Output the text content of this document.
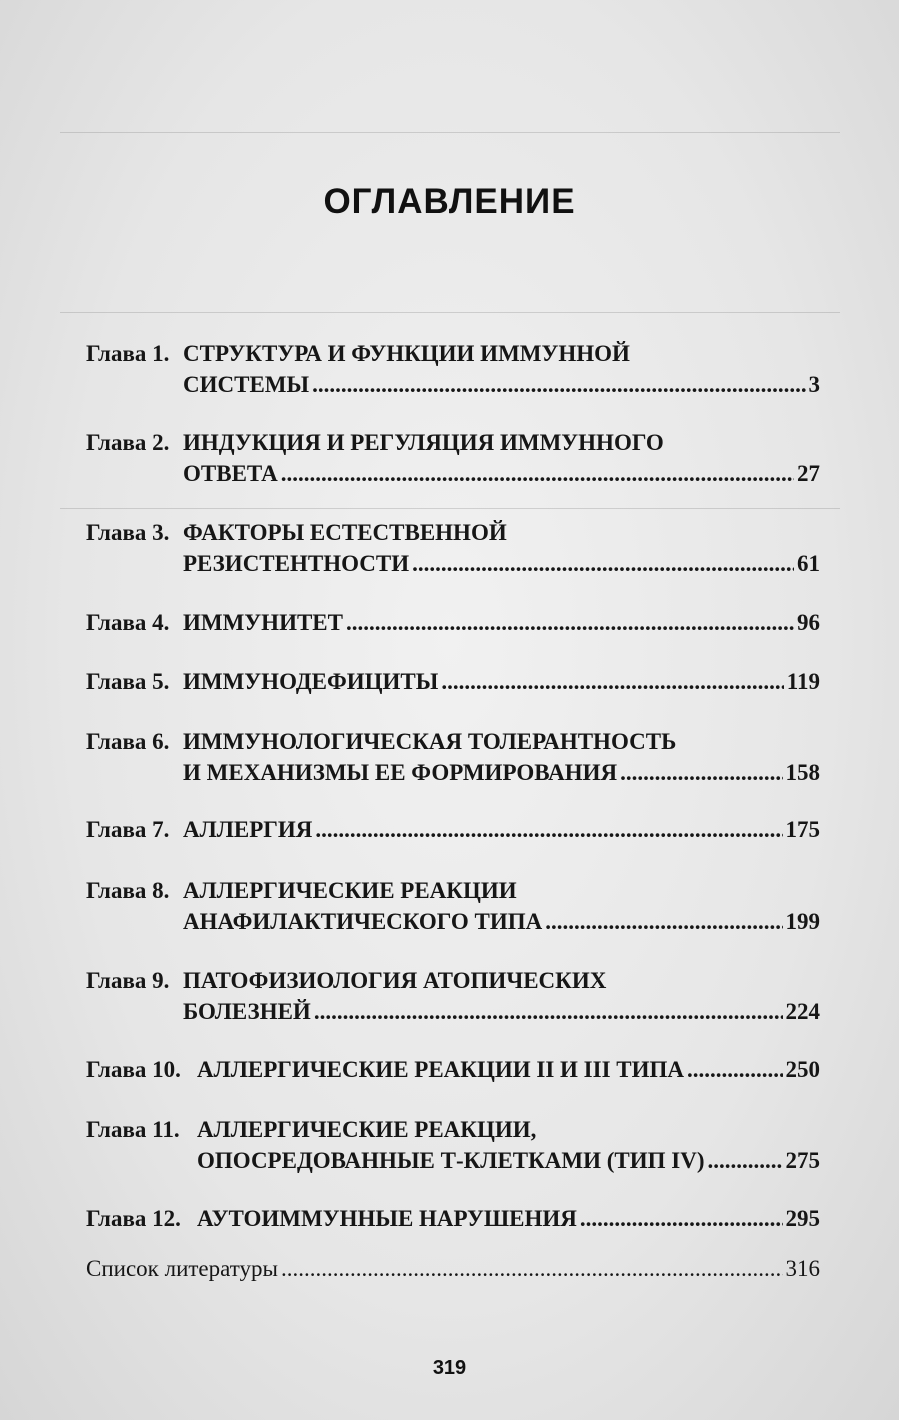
ОГЛАВЛЕНИЕ
Глава 1. СТРУКТУРА И ФУНКЦИИ ИММУННОЙ
СИСТЕМЫ .....	3
Глава 2. ИНДУКЦИЯ И РЕГУЛЯЦИЯ ИММУННОГО
ОТВЕТА .....	27
Глава 3. ФАКТОРЫ ЕСТЕСТВЕННОЙ
РЕЗИСТЕНТНОСТИ .....	61
Глава 4. ИММУНИТЕТ .....	96
Глава 5. ИММУНОДЕФИЦИТЫ .....	119
Глава 6. ИММУНОЛОГИЧЕСКАЯ ТОЛЕРАНТНОСТЬ
И МЕХАНИЗМЫ ЕЕ ФОРМИРОВАНИЯ .....	158
Глава 7. АЛЛЕРГИЯ .....	175
Глава 8. АЛЛЕРГИЧЕСКИЕ РЕАКЦИИ
АНАФИЛАКТИЧЕСКОГО ТИПА .....	199
Глава 9. ПАТОФИЗИОЛОГИЯ АТОПИЧЕСКИХ
БОЛЕЗНЕЙ .....	224
Глава 10. АЛЛЕРГИЧЕСКИЕ РЕАКЦИИ II И III ТИПА .....	250
Глава 11. АЛЛЕРГИЧЕСКИЕ РЕАКЦИИ,
ОПОСРЕДОВАННЫЕ Т-КЛЕТКАМИ (ТИП IV) .....	275
Глава 12. АУТОИММУННЫЕ НАРУШЕНИЯ .....	295
Список литературы .....	316
319
